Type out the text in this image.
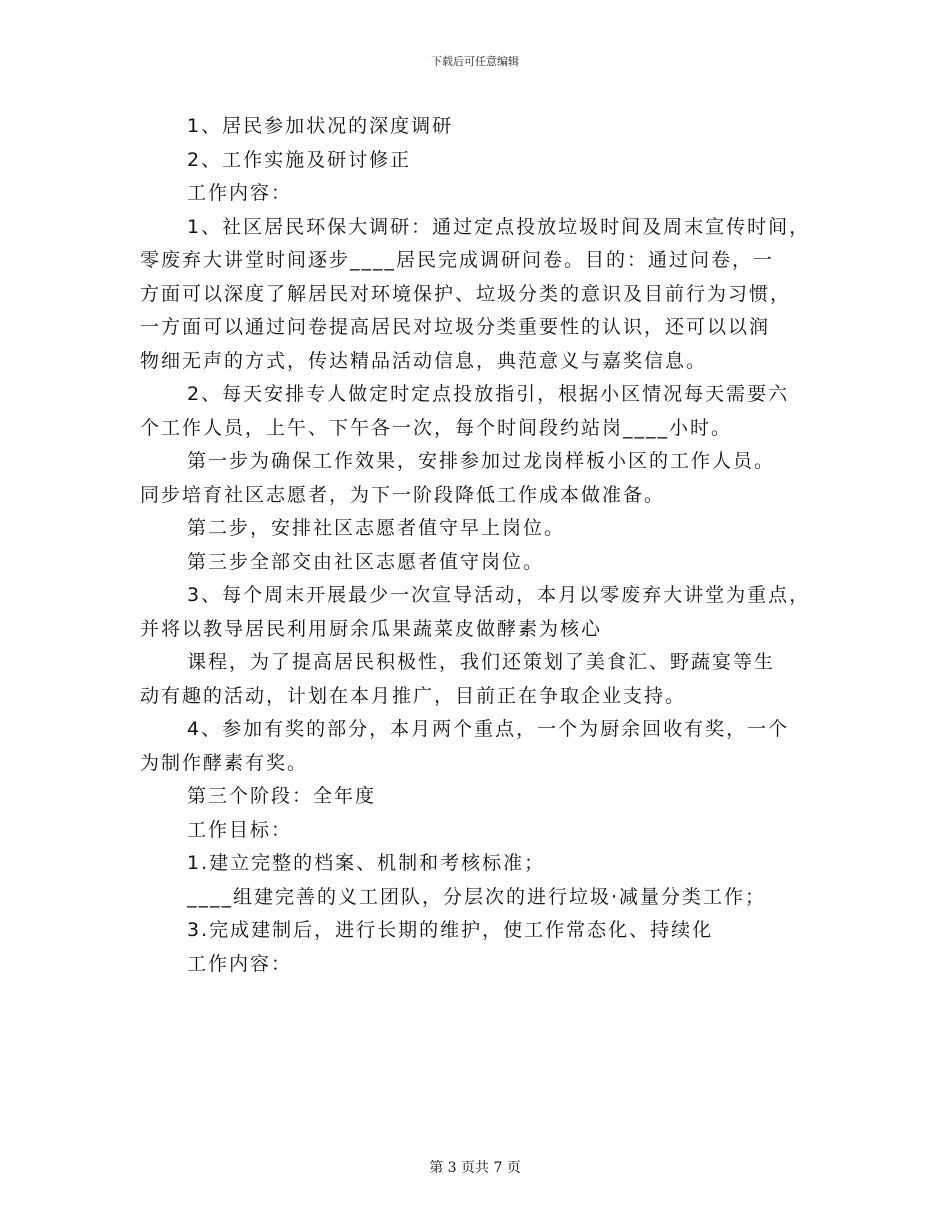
下载后可任意编辑
1、居民参加状况的深度调研
2、工作实施及研讨修正
工作内容：
1、社区居民环保大调研：通过定点投放垃圾时间及周末宣传时间，
零废弃大讲堂时间逐步____居民完成调研问卷。目的：通过问卷，一
方面可以深度了解居民对环境保护、垃圾分类的意识及目前行为习惯，
一方面可以通过问卷提高居民对垃圾分类重要性的认识，还可以以润
物细无声的方式，传达精品活动信息，典范意义与嘉奖信息。
2、每天安排专人做定时定点投放指引，根据小区情况每天需要六
个工作人员，上午、下午各一次，每个时间段约站岗____小时。
第一步为确保工作效果，安排参加过龙岗样板小区的工作人员。
同步培育社区志愿者，为下一阶段降低工作成本做准备。
第二步，安排社区志愿者值守早上岗位。
第三步全部交由社区志愿者值守岗位。
3、每个周末开展最少一次宣导活动，本月以零废弃大讲堂为重点，
并将以教导居民利用厨余瓜果蔬菜皮做酵素为核心
课程，为了提高居民积极性，我们还策划了美食汇、野蔬宴等生
动有趣的活动，计划在本月推广，目前正在争取企业支持。
4、参加有奖的部分，本月两个重点，一个为厨余回收有奖，一个
为制作酵素有奖。
第三个阶段：全年度
工作目标：
1.建立完整的档案、机制和考核标准；
____组建完善的义工团队，分层次的进行垃圾·减量分类工作；
3.完成建制后，进行长期的维护，使工作常态化、持续化
工作内容：
第 3 页共 7 页
